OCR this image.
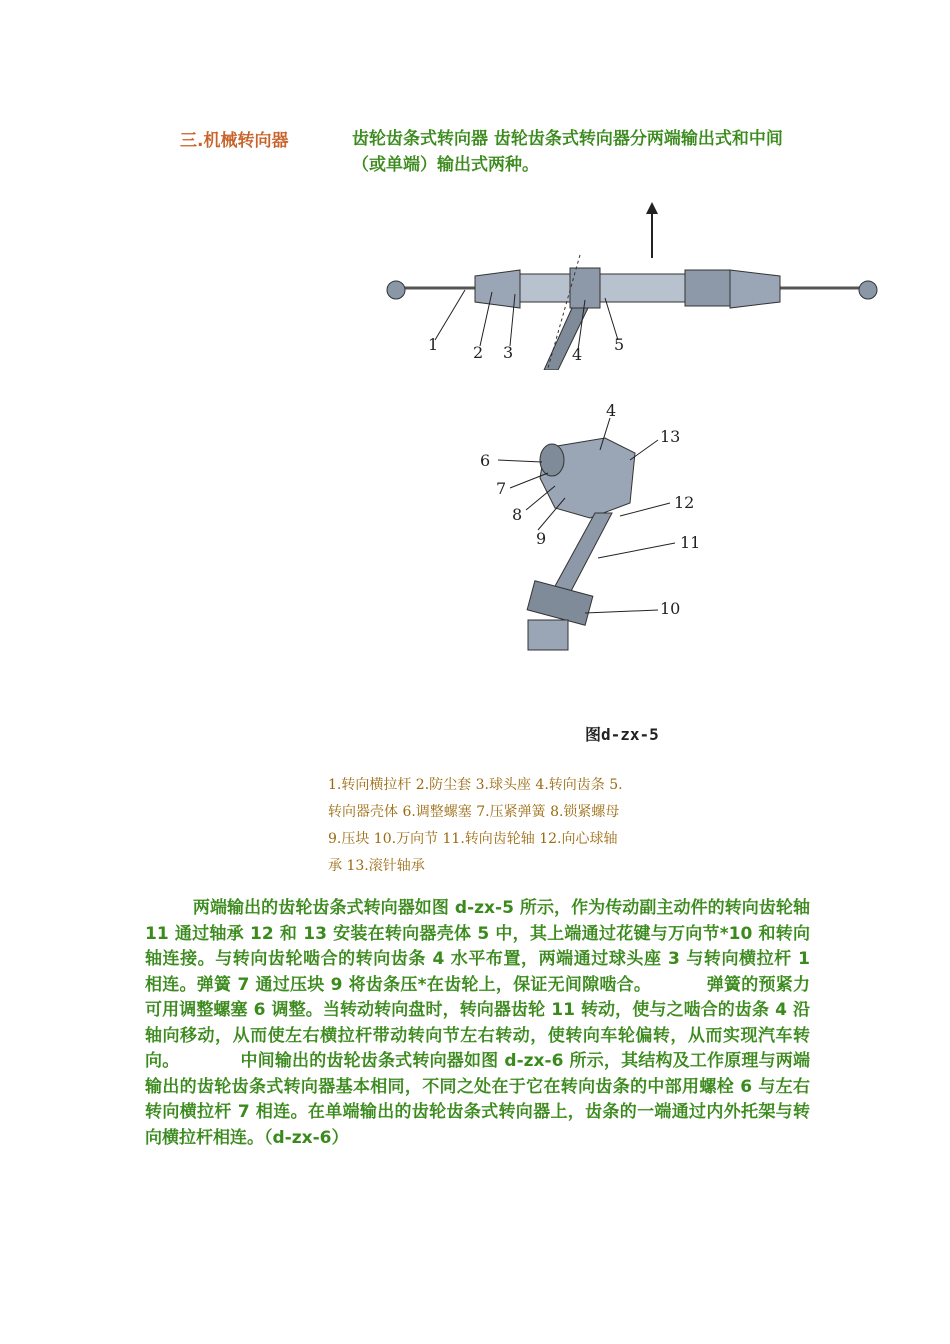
三.机械转向器	齿轮齿条式转向器 齿轮齿条式转向器分两端输出式和中间（或单端）输出式两种。
1 2 3	4
5
4
13
6
7
8
12
9	11
10
图d-zx-5
1.转向横拉杆 2.防尘套 3.球头座 4.转向齿条 5.转向器壳体 6.调整螺塞 7.压紧弹簧 8.锁紧螺母 9.压块 10.万向节 11.转向齿轮轴 12.向心球轴承 13.滚针轴承
两端输出的齿轮齿条式转向器如图 d-zx-5 所示，作为传动副主动件的转向齿轮轴 11 通过轴承 12 和 13 安装在转向器壳体 5 中，其上端通过花键与万向节*10 和转向轴连接。与转向齿轮啮合的转向齿条 4 水平布置，两端通过球头座 3 与转向横拉杆 1 相连。弹簧 7 通过压块 9 将齿条压*在齿轮上，保证无间隙啮合。         弹簧的预紧力可用调整螺塞 6 调整。当转动转向盘时，转向器齿轮 11 转动，使与之啮合的齿条 4 沿轴向移动，从而使左右横拉杆带动转向节左右转动，使转向车轮偏转，从而实现汽车转向。          中间输出的齿轮齿条式转向器如图 d-zx-6 所示，其结构及工作原理与两端输出的齿轮齿条式转向器基本相同，不同之处在于它在转向齿条的中部用螺栓 6 与左右转向横拉杆 7 相连。在单端输出的齿轮齿条式转向器上，齿条的一端通过内外托架与转向横拉杆相连。（d-zx-6）
